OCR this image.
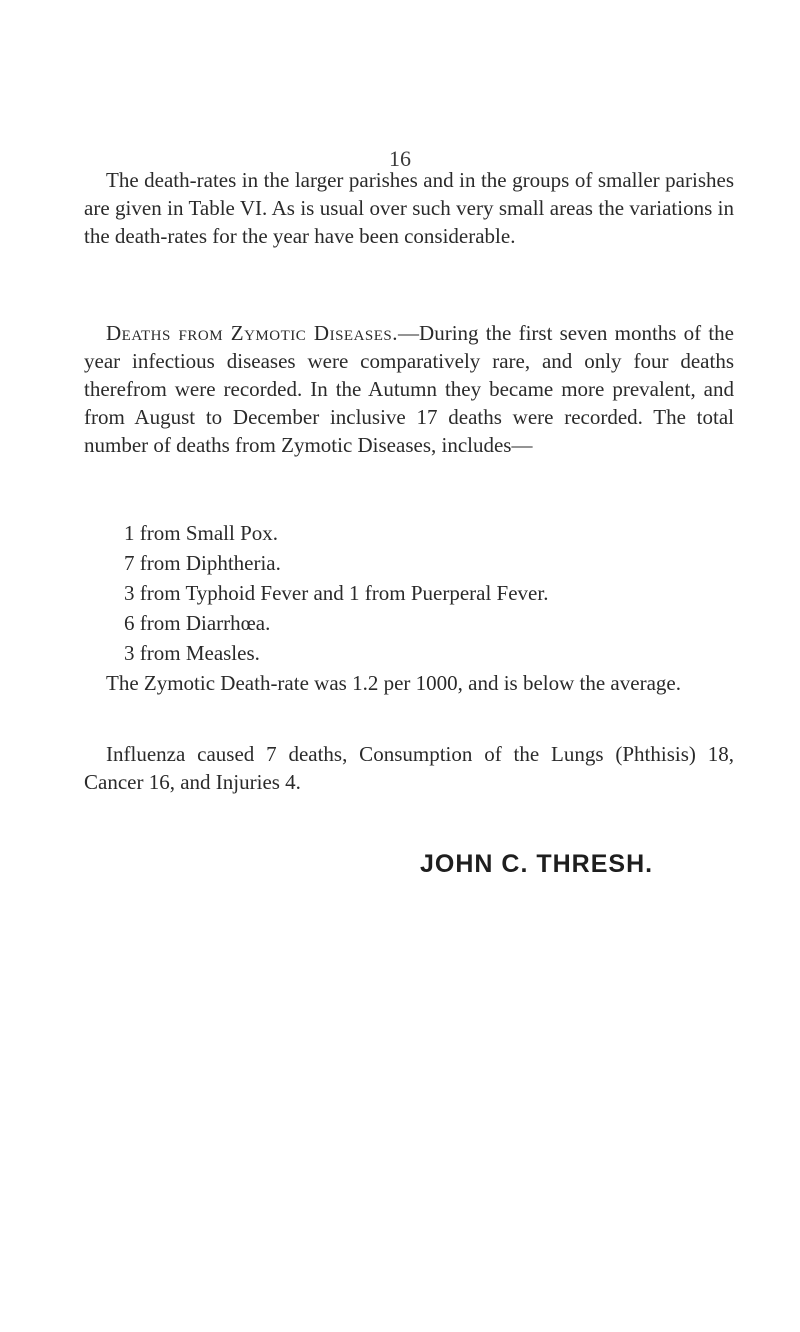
16

The death-rates in the larger parishes and in the groups of smaller parishes are given in Table VI. As is usual over such very small areas the variations in the death-rates for the year have been considerable.

Deaths from Zymotic Diseases.—During the first seven months of the year infectious diseases were comparatively rare, and only four deaths therefrom were recorded. In the Autumn they became more prevalent, and from August to December inclusive 17 deaths were recorded. The total number of deaths from Zymotic Diseases, includes—

1 from Small Pox.
7 from Diphtheria.
3 from Typhoid Fever and 1 from Puerperal Fever.
6 from Diarrhœa.
3 from Measles.

The Zymotic Death-rate was 1.2 per 1000, and is below the average.

Influenza caused 7 deaths, Consumption of the Lungs (Phthisis) 18, Cancer 16, and Injuries 4.

JOHN C. THRESH.
